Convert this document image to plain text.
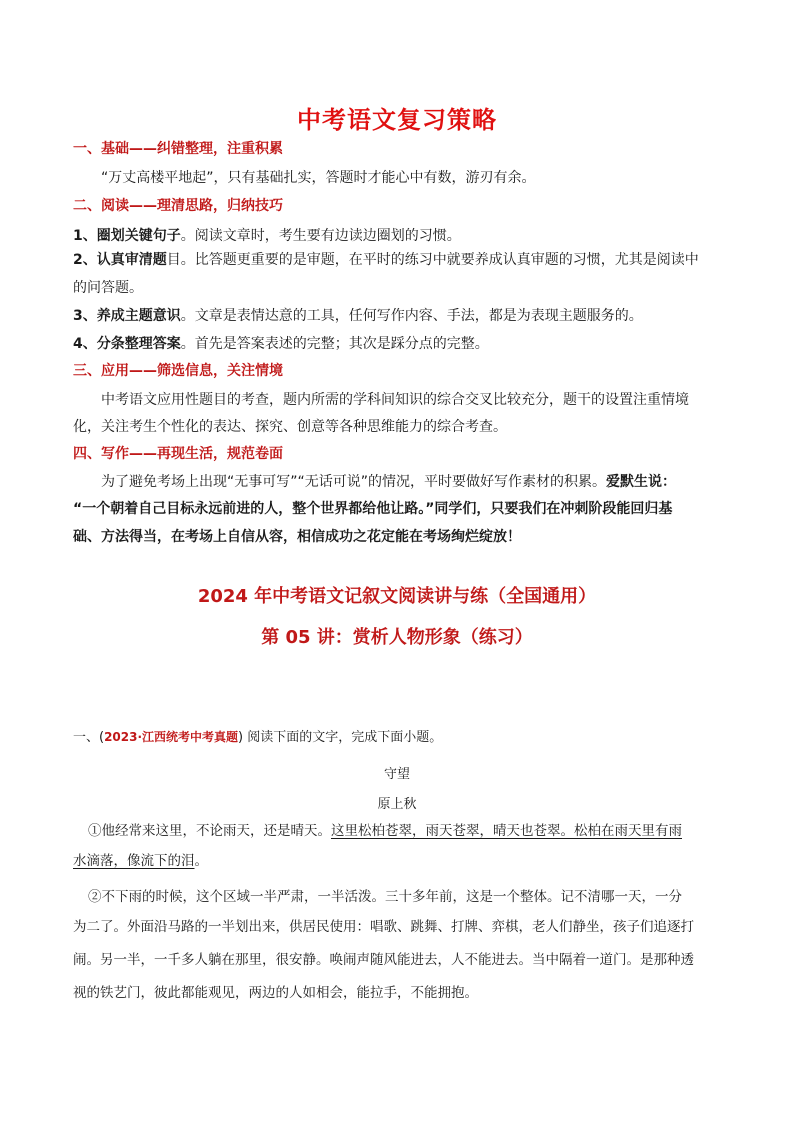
中考语文复习策略
一、基础——纠错整理，注重积累
“万丈高楼平地起”，只有基础扎实，答题时才能心中有数，游刃有余。
二、阅读——理清思路，归纳技巧
1、圈划关键句子。阅读文章时，考生要有边读边圈划的习惯。
2、认真审清题目。比答题更重要的是审题，在平时的练习中就要养成认真审题的习惯，尤其是阅读中
的问答题。
3、养成主题意识。文章是表情达意的工具，任何写作内容、手法，都是为表现主题服务的。
4、分条整理答案。首先是答案表述的完整；其次是踩分点的完整。
三、应用——筛选信息，关注情境
中考语文应用性题目的考查，题内所需的学科间知识的综合交叉比较充分，题干的设置注重情境
化，关注考生个性化的表达、探究、创意等各种思维能力的综合考查。
四、写作——再现生活，规范卷面
为了避免考场上出现“无事可写”“无话可说”的情况，平时要做好写作素材的积累。爱默生说：
“一个朝着自己目标永远前进的人，整个世界都给他让路。”同学们，只要我们在冲刺阶段能回归基
础、方法得当，在考场上自信从容，相信成功之花定能在考场绚烂绽放！
2024 年中考语文记叙文阅读讲与练（全国通用）
第 05 讲：赏析人物形象（练习）
一、(2023·江西统考中考真题) 阅读下面的文字，完成下面小题。
守望
原上秋
①他经常来这里，不论雨天，还是晴天。这里松柏苍翠，雨天苍翠，晴天也苍翠。松柏在雨天里有雨
水滴落，像流下的泪。
②不下雨的时候，这个区域一半严肃，一半活泼。三十多年前，这是一个整体。记不清哪一天，一分
为二了。外面沿马路的一半划出来，供居民使用：唱歌、跳舞、打牌、弈棋，老人们静坐，孩子们追逐打
闹。另一半，一千多人躺在那里，很安静。唤闹声随风能进去，人不能进去。当中隔着一道门。是那种透
视的铁艺门，彼此都能观见，两边的人如相会，能拉手，不能拥抱。
